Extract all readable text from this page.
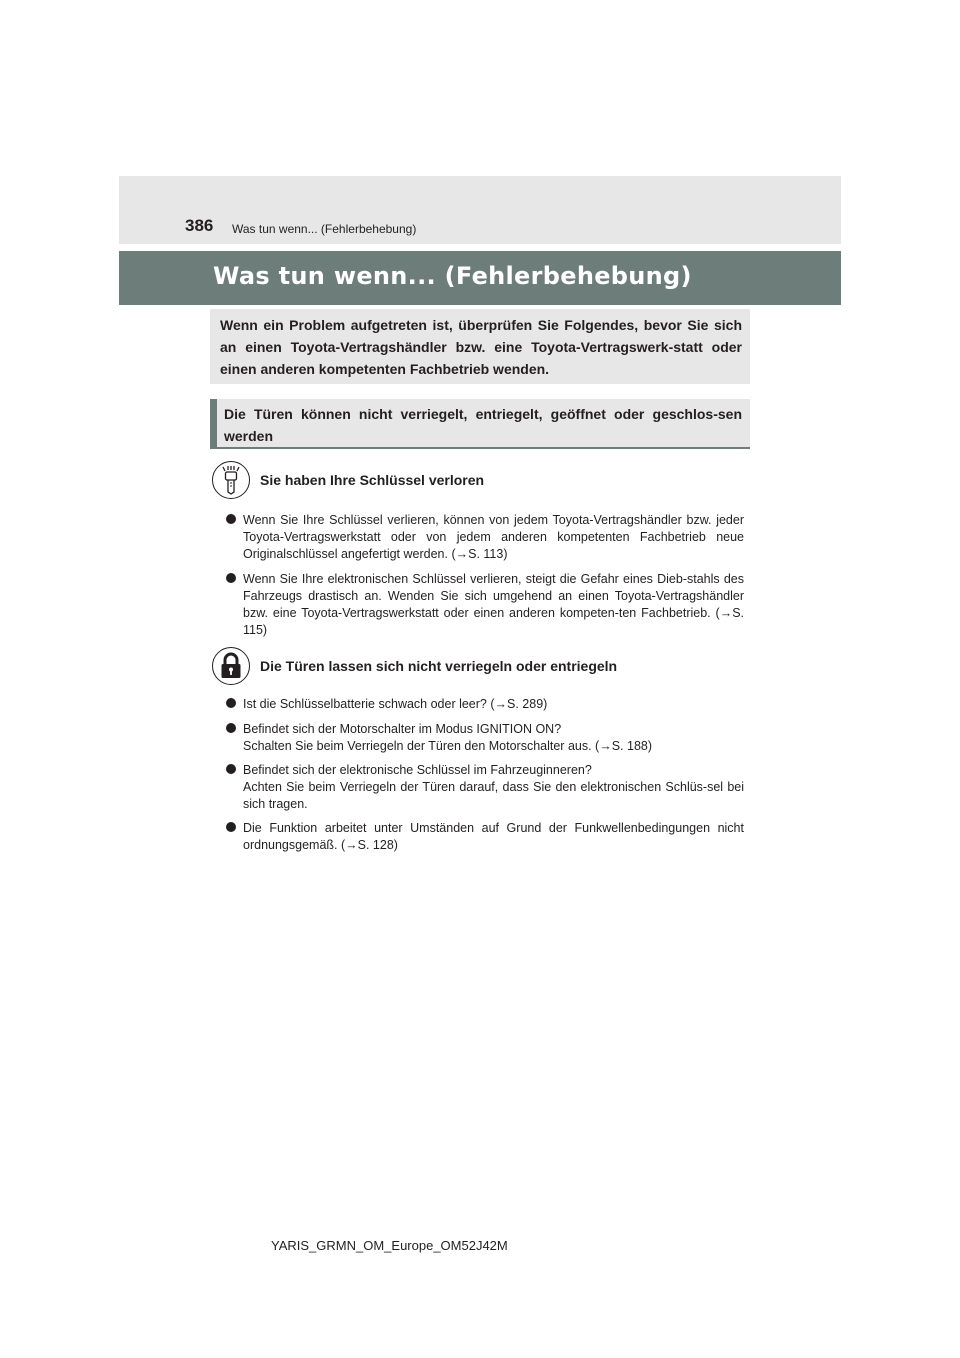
386 Was tun wenn... (Fehlerbehebung)
Was tun wenn... (Fehlerbehebung)
Wenn ein Problem aufgetreten ist, überprüfen Sie Folgendes, bevor Sie sich an einen Toyota-Vertragshändler bzw. eine Toyota-Vertragswerk-statt oder einen anderen kompetenten Fachbetrieb wenden.
Die Türen können nicht verriegelt, entriegelt, geöffnet oder geschlos-sen werden
Sie haben Ihre Schlüssel verloren
Wenn Sie Ihre Schlüssel verlieren, können von jedem Toyota-Vertragshändler bzw. jeder Toyota-Vertragswerkstatt oder von jedem anderen kompetenten Fachbetrieb neue Originalschlüssel angefertigt werden. (→S. 113)
Wenn Sie Ihre elektronischen Schlüssel verlieren, steigt die Gefahr eines Dieb-stahls des Fahrzeugs drastisch an. Wenden Sie sich umgehend an einen Toyota-Vertragshändler bzw. eine Toyota-Vertragswerkstatt oder einen anderen kompeten-ten Fachbetrieb. (→S. 115)
Die Türen lassen sich nicht verriegeln oder entriegeln
Ist die Schlüsselbatterie schwach oder leer? (→S. 289)
Befindet sich der Motorschalter im Modus IGNITION ON?
Schalten Sie beim Verriegeln der Türen den Motorschalter aus. (→S. 188)
Befindet sich der elektronische Schlüssel im Fahrzeuginneren?
Achten Sie beim Verriegeln der Türen darauf, dass Sie den elektronischen Schlüs-sel bei sich tragen.
Die Funktion arbeitet unter Umständen auf Grund der Funkwellenbedingungen nicht ordnungsgemäß. (→S. 128)
YARIS_GRMN_OM_Europe_OM52J42M
